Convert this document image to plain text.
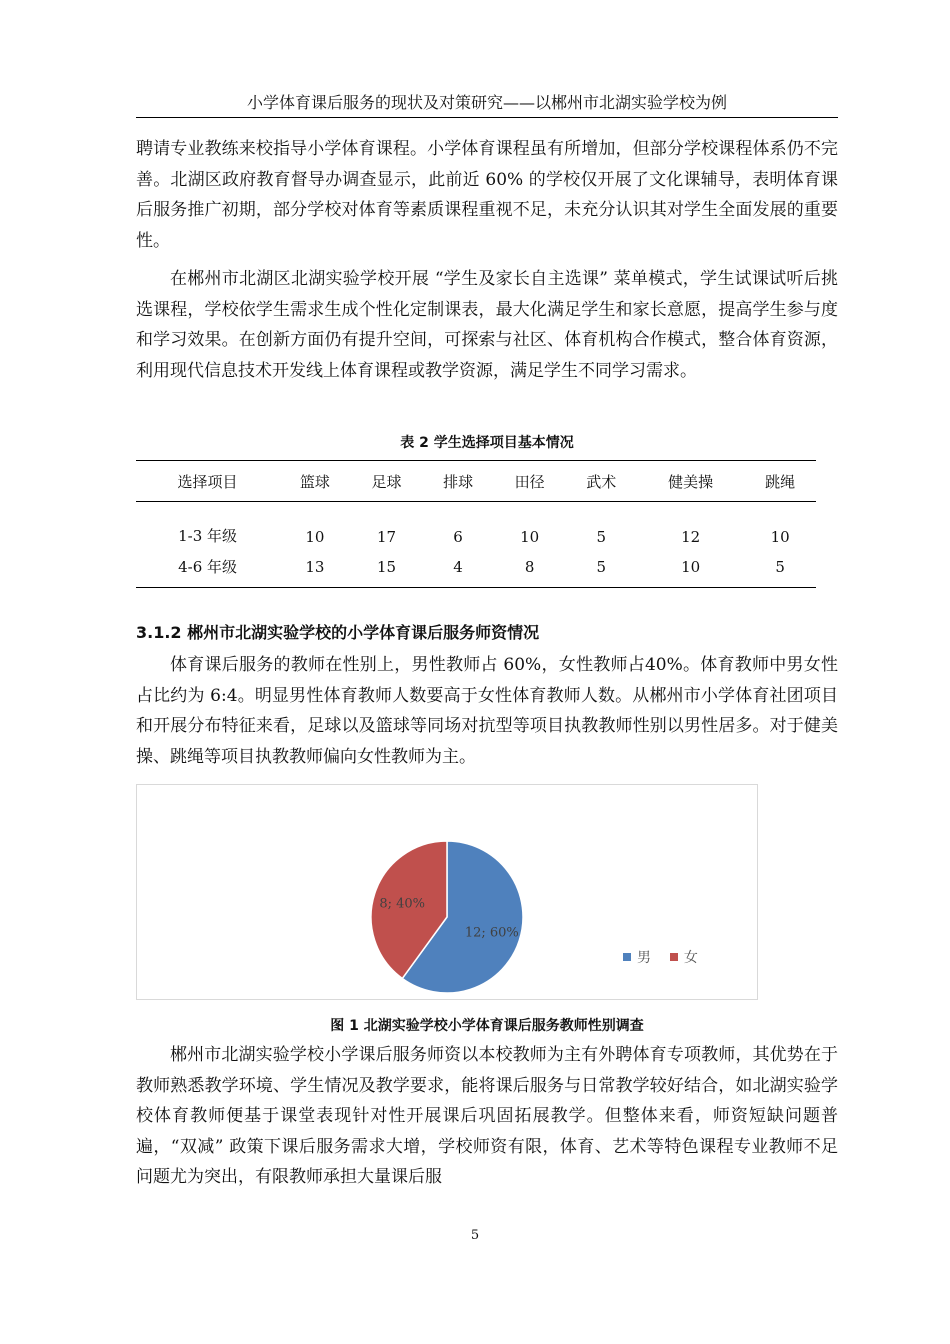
小学体育课后服务的现状及对策研究——以郴州市北湖实验学校为例

聘请专业教练来校指导小学体育课程。小学体育课程虽有所增加，但部分学校课程体系仍不完善。北湖区政府教育督导办调查显示，此前近 60% 的学校仅开展了文化课辅导，表明体育课后服务推广初期，部分学校对体育等素质课程重视不足，未充分认识其对学生全面发展的重要性。

在郴州市北湖区北湖实验学校开展 “学生及家长自主选课” 菜单模式，学生试课试听后挑选课程，学校依学生需求生成个性化定制课表，最大化满足学生和家长意愿，提高学生参与度和学习效果。在创新方面仍有提升空间，可探索与社区、体育机构合作模式，整合体育资源，利用现代信息技术开发线上体育课程或教学资源，满足学生不同学习需求。

表 2 学生选择项目基本情况
选择项目	篮球	足球	排球	田径	武术	健美操	跳绳
1-3 年级	10	17	6	10	5	12	10
4-6 年级	13	15	4	8	5	10	5
3.1.2 郴州市北湖实验学校的小学体育课后服务师资情况

体育课后服务的教师在性别上，男性教师占 60%，女性教师占40%。体育教师中男女性占比约为 6:4。明显男性体育教师人数要高于女性体育教师人数。从郴州市小学体育社团项目和开展分布特征来看，足球以及篮球等同场对抗型等项目执教教师性别以男性居多。对于健美操、跳绳等项目执教教师偏向女性教师为主。

12; 60%
8; 40%
男 女
图 1 北湖实验学校小学体育课后服务教师性别调查

郴州市北湖实验学校小学课后服务师资以本校教师为主有外聘体育专项教师，其优势在于教师熟悉教学环境、学生情况及教学要求，能将课后服务与日常教学较好结合，如北湖实验学校体育教师便基于课堂表现针对性开展课后巩固拓展教学。但整体来看，师资短缺问题普遍，“双减” 政策下课后服务需求大增，学校师资有限，体育、艺术等特色课程专业教师不足问题尤为突出，有限教师承担大量课后服

5
